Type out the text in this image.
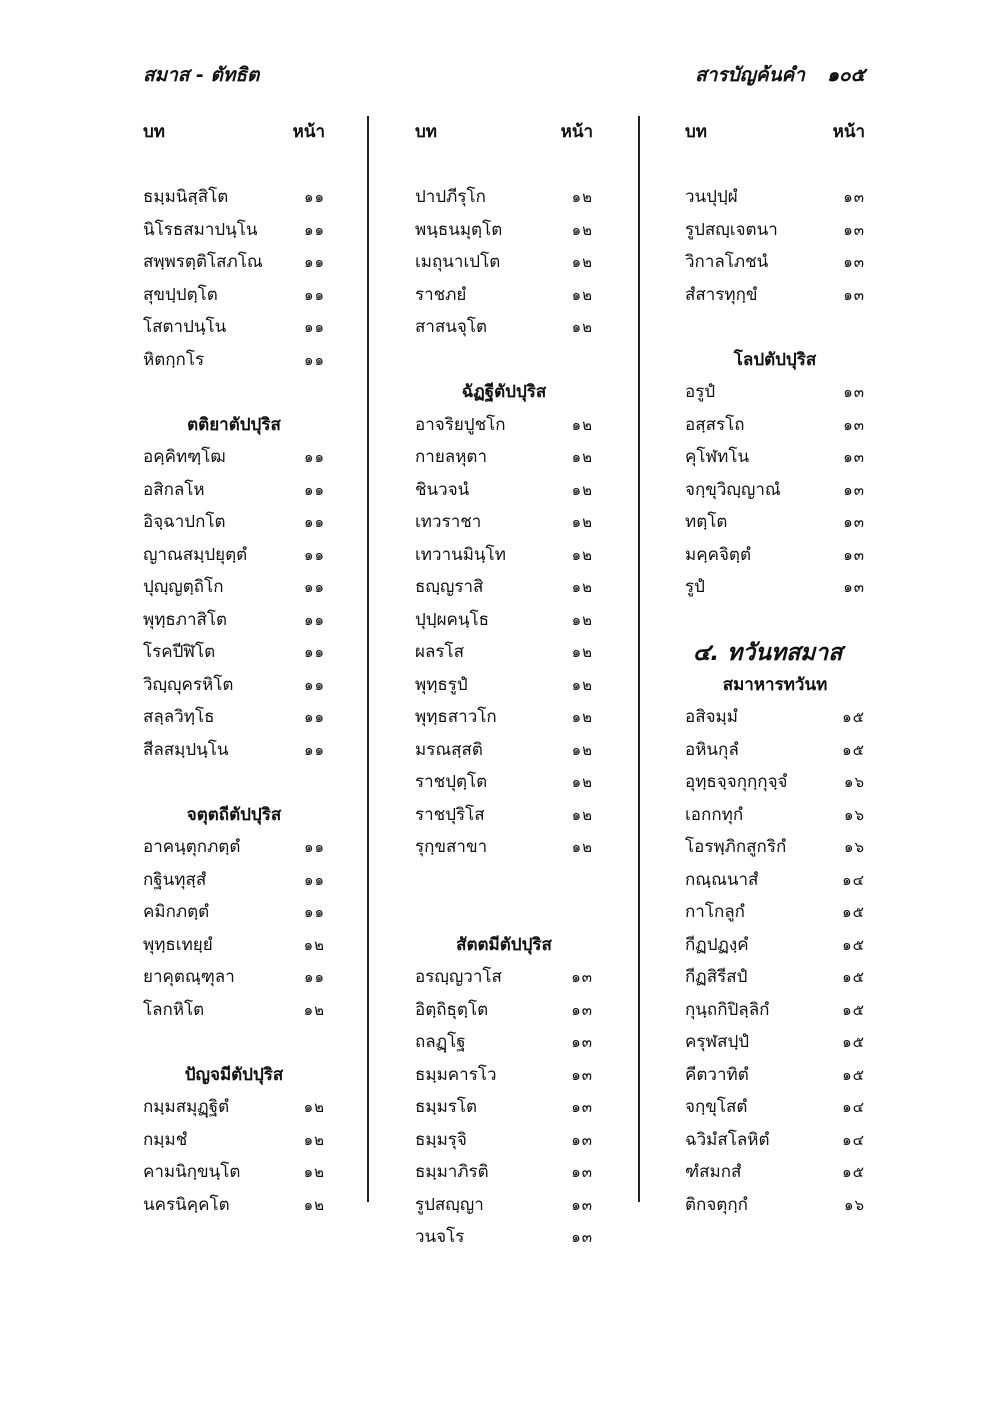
สมาส - ตัทธิต	สารบัญค้นคำ ๑๐๕
บท	หน้า
ธมฺมนิสฺสิโต	๑๑
นิโรธสมาปนฺโน	๑๑
สพฺพรตฺติโสภโณ	๑๑
สุขปฺปตฺโต	๑๑
โสตาปนฺโน	๑๑
หิตกฺกโร	๑๑
ตติยาตัปปุริส
อคฺคิทฑฺโฒ	๑๑
อสิกลโห	๑๑
อิจฺฉาปกโต	๑๑
ญาณสมฺปยุตฺตํ	๑๑
ปุญฺญตฺถิโก	๑๑
พุทฺธภาสิโต	๑๑
โรคปีฬิโต	๑๑
วิญฺญุครหิโต	๑๑
สลฺลวิทฺโธ	๑๑
สีลสมฺปนฺโน	๑๑
จตุตถีตัปปุริส
อาคนฺตุกภตฺตํ	๑๑
กฐินทุสฺสํ	๑๑
คมิกภตฺตํ	๑๑
พุทฺธเทยฺยํ	๑๒
ยาคุตณฺฑุลา	๑๑
โลกหิโต	๑๒
ปัญจมีตัปปุริส
กมฺมสมุฏฺฐิตํ	๑๒
กมฺมชํ	๑๒
คามนิกฺขนฺโต	๑๒
นครนิคฺคโต	๑๒
บท	หน้า
ปาปภีรุโก	๑๒
พนฺธนมุตฺโต	๑๒
เมถุนาเปโต	๑๒
ราชภยํ	๑๒
สาสนจุโต	๑๒
ฉัฏฐีตัปปุริส
อาจริยปูชโก	๑๒
กายลหุตา	๑๒
ชินวจนํ	๑๒
เทวราชา	๑๒
เทวานมินฺโท	๑๒
ธญฺญราสิ	๑๒
ปุปฺผคนฺโธ	๑๒
ผลรโส	๑๒
พุทฺธรูปํ	๑๒
พุทฺธสาวโก	๑๒
มรณสฺสติ	๑๒
ราชปุตฺโต	๑๒
ราชปุริโส	๑๒
รุกฺขสาขา	๑๒
สัตตมีตัปปุริส
อรญฺญวาโส	๑๓
อิตฺถิธุตฺโต	๑๓
ถลฏฺโฐ	๑๓
ธมฺมคารโว	๑๓
ธมฺมรโต	๑๓
ธมฺมรุจิ	๑๓
ธมฺมาภิรติ	๑๓
รูปสญฺญา	๑๓
วนจโร	๑๓
บท	หน้า
วนปุปฺผํ	๑๓
รูปสญฺเจตนา	๑๓
วิกาลโภชนํ	๑๓
สํสารทุกฺขํ	๑๓
โลปตัปปุริส
อรูปํ	๑๓
อสฺสรโถ	๑๓
คุโฬทโน	๑๓
จกฺขุวิญฺญาณํ	๑๓
ทตฺโต	๑๓
มคฺคจิตฺตํ	๑๓
รูปํ	๑๓
๔. ทวันทสมาส
สมาหารทวันท
อสิจมฺมํ	๑๕
อหินกุลํ	๑๕
อุทฺธจฺจกุกฺกุจฺจํ	๑๖
เอกกทุกํ	๑๖
โอรพฺภิกสูกริกํ	๑๖
กณฺณนาสํ	๑๔
กาโกลูกํ	๑๕
กีฏปฏงฺคํ	๑๕
กีฏสิรีสปํ	๑๕
กุนฺถกิปิลฺลิกํ	๑๕
ครุฬสปฺปํ	๑๕
คีตวาทิตํ	๑๕
จกฺขุโสตํ	๑๔
ฉวิมํสโลหิตํ	๑๔
ฑํสมกสํ	๑๕
ติกจตุกฺกํ	๑๖
